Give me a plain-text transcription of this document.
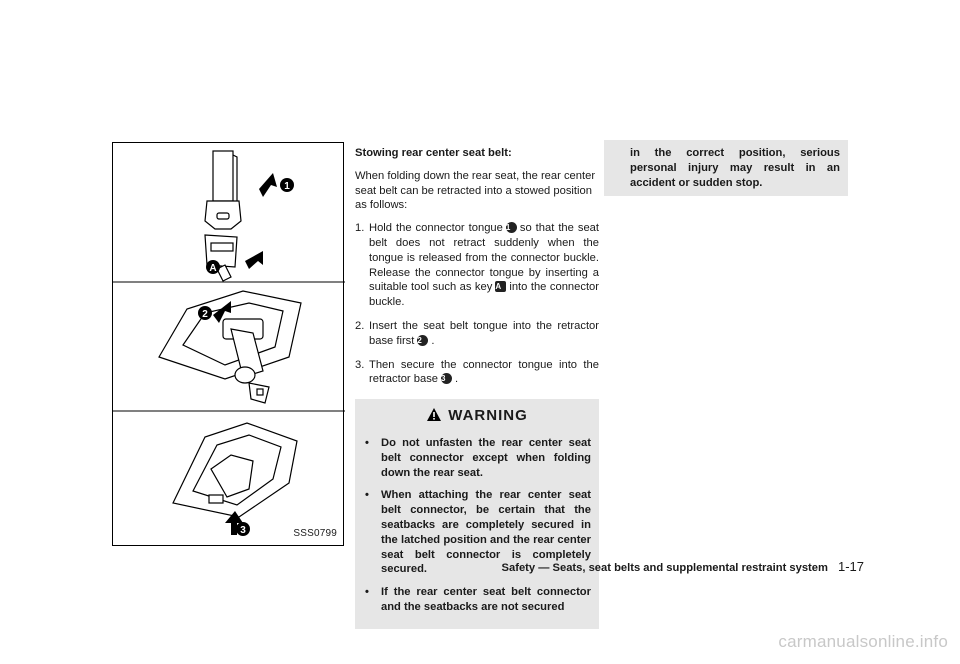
1
A
2
3	SSS0799
Stowing rear center seat belt:

When folding down the rear seat, the rear center seat belt can be retracted into a stowed position as follows:

1. Hold the connector tongue 1 so that the seat belt does not retract suddenly when the tongue is released from the connector buckle. Release the connector tongue by inserting a suitable tool such as key A into the connector buckle.
2. Insert the seat belt tongue into the retractor base first 2 .
3. Then secure the connector tongue into the retractor base 3 .
WARNING
• Do not unfasten the rear center seat belt connector except when folding down the rear seat.
• When attaching the rear center seat belt connector, be certain that the seatbacks are completely secured in the latched position and the rear center seat belt connector is completely secured.
• If the rear center seat belt connector and the seatbacks are not secured

in the correct position, serious personal injury may result in an accident or sudden stop.

Safety — Seats, seat belts and supplemental restraint system 1-17
carmanualsonline.info
